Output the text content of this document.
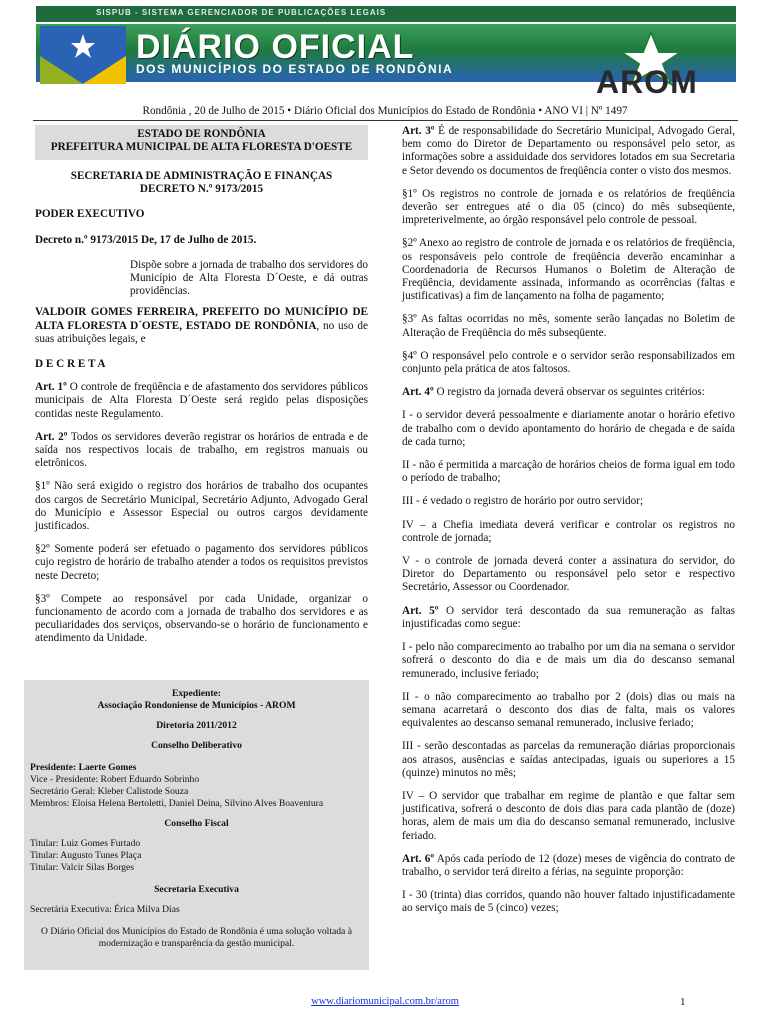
SISPUB - SISTEMA GERENCIADOR DE PUBLICAÇÕES LEGAIS
DIÁRIO OFICIAL
DOS MUNICÍPIOS DO ESTADO DE RONDÔNIA	AROM
Rondônia , 20 de Julho de 2015 • Diário Oficial dos Municípios do Estado de Rondônia • ANO VI | Nº 1497
ESTADO DE RONDÔNIA
PREFEITURA MUNICIPAL DE ALTA FLORESTA D'OESTE

SECRETARIA DE ADMINISTRAÇÃO E FINANÇAS

DECRETO N.º 9173/2015

PODER EXECUTIVO

Decreto n.º 9173/2015 De, 17 de Julho de 2015.

Dispõe sobre a jornada de trabalho dos servidores do Município de Alta Floresta D´Oeste, e dá outras providências.

VALDOIR GOMES FERREIRA, PREFEITO DO MUNICÍPIO DE ALTA FLORESTA D´OESTE, ESTADO DE RONDÔNIA, no uso de suas atribuições legais, e

D E C R E T A

Art. 1º O controle de freqüência e de afastamento dos servidores públicos municipais de Alta Floresta D´Oeste será regido pelas disposições contidas neste Regulamento.

Art. 2º Todos os servidores deverão registrar os horários de entrada e de saída nos respectivos locais de trabalho, em registros manuais ou eletrônicos.

§1º Não será exigido o registro dos horários de trabalho dos ocupantes dos cargos de Secretário Municipal, Secretário Adjunto, Advogado Geral do Município e Assessor Especial ou outros cargos devidamente justificados.

§2º Somente poderá ser efetuado o pagamento dos servidores públicos cujo registro de horário de trabalho atender a todos os requisitos previstos neste Decreto;

§3º Compete ao responsável por cada Unidade, organizar o funcionamento de acordo com a jornada de trabalho dos servidores e as peculiaridades dos serviços, observando-se o horário de funcionamento e atendimento da Unidade.

Expediente:

Associação Rondoniense de Municípios - AROM

Diretoria 2011/2012

Conselho Deliberativo

Presidente: Laerte Gomes

Vice - Presidente: Robert Eduardo Sobrinho

Secretário Geral: Kleber Calistode Souza

Membros: Eloisa Helena Bertoletti, Daniel Deina, Silvino Alves Boaventura

Conselho Fiscal

Titular: Luiz Gomes Furtado

Titular: Augusto Tunes Plaça

Titular: Valcir Silas Borges

Secretaria Executiva

Secretária Executiva: Érica Milva Dias

O Diário Oficial dos Municípios do Estado de Rondônia é uma solução voltada à modernização e transparência da gestão municipal.

Art. 3º É de responsabilidade do Secretário Municipal, Advogado Geral, bem como do Diretor de Departamento ou responsável pelo setor, as informações sobre a assiduidade dos servidores lotados em sua Secretaria e Setor devendo os documentos de freqüência conter o visto dos mesmos.

§1º Os registros no controle de jornada e os relatórios de freqüência deverão ser entregues até o dia 05 (cinco) do mês subseqüente, impreterivelmente, ao órgão responsável pelo controle de pessoal.

§2º Anexo ao registro de controle de jornada e os relatórios de freqüência, os responsáveis pelo controle de freqüência deverão encaminhar a Coordenadoria de Recursos Humanos o Boletim de Alteração de Freqüência, devidamente assinada, informando as ocorrências (faltas e justificativas) a fim de lançamento na folha de pagamento;

§3º As faltas ocorridas no mês, somente serão lançadas no Boletim de Alteração de Freqüência do mês subseqüente.

§4º O responsável pelo controle e o servidor serão responsabilizados em conjunto pela prática de atos faltosos.

Art. 4º O registro da jornada deverá observar os seguintes critérios:

I - o servidor deverá pessoalmente e diariamente anotar o horário efetivo de trabalho com o devido apontamento do horário de chegada e de saída de cada turno;

II - não é permitida a marcação de horários cheios de forma igual em todo o período de trabalho;

III - é vedado o registro de horário por outro servidor;

IV – a Chefia imediata deverá verificar e controlar os registros no controle de jornada;

V - o controle de jornada deverá conter a assinatura do servidor, do Diretor do Departamento ou responsável pelo setor e respectivo Secretário, Assessor ou Coordenador.

Art. 5º O servidor terá descontado da sua remuneração as faltas injustificadas como segue:

I - pelo não comparecimento ao trabalho por um dia na semana o servidor sofrerá o desconto do dia e de mais um dia do descanso semanal remunerado, inclusive feriado;

II - o não comparecimento ao trabalho por 2 (dois) dias ou mais na semana acarretará o desconto dos dias de falta, mais os valores equivalentes ao descanso semanal remunerado, inclusive feriado;

III - serão descontadas as parcelas da remuneração diárias proporcionais aos atrasos, ausências e saídas antecipadas, iguais ou superiores a 15 (quinze) minutos no mês;

IV – O servidor que trabalhar em regime de plantão e que faltar sem justificativa, sofrerá o desconto de dois dias para cada plantão de (doze) horas, alem de mais um dia do descanso semanal remunerado, inclusive feriado.

Art. 6º Após cada período de 12 (doze) meses de vigência do contrato de trabalho, o servidor terá direito a férias, na seguinte proporção:

I - 30 (trinta) dias corridos, quando não houver faltado injustificadamente ao serviço mais de 5 (cinco) vezes;

www.diariomunicipal.com.br/arom	1
